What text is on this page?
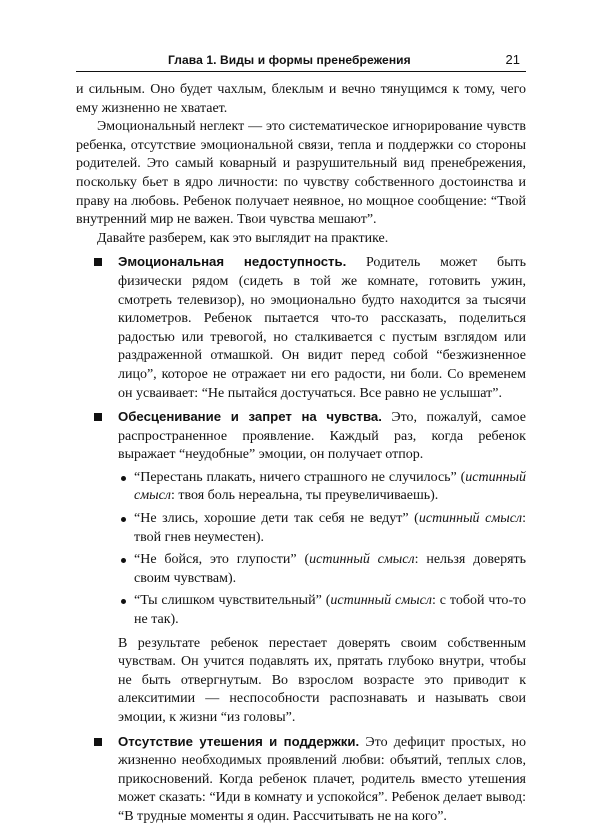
Глава 1. Виды и формы пренебрежения	21

и сильным. Оно будет чахлым, блеклым и вечно тянущимся к тому, чего ему жизненно не хватает.

Эмоциональный неглект — это систематическое игнорирование чувств ребенка, отсутствие эмоциональной связи, тепла и поддержки со стороны родителей. Это самый коварный и разрушительный вид пренебрежения, поскольку бьет в ядро личности: по чувству собственного достоинства и праву на любовь. Ребенок получает неявное, но мощное сообщение: “Твой внутренний мир не важен. Твои чувства мешают”.

Давайте разберем, как это выглядит на практике.

Эмоциональная недоступность. Родитель может быть физически рядом (сидеть в той же комнате, готовить ужин, смотреть телевизор), но эмоционально будто находится за тысячи километров. Ребенок пытается что-то рассказать, поделиться радостью или тревогой, но сталкивается с пустым взглядом или раздраженной отмашкой. Он видит перед собой “безжизненное лицо”, которое не отражает ни его радости, ни боли. Со временем он усваивает: “Не пытайся достучаться. Все равно не услышат”.

Обесценивание и запрет на чувства. Это, пожалуй, самое распространенное проявление. Каждый раз, когда ребенок выражает “неудобные” эмоции, он получает отпор.

“Перестань плакать, ничего страшного не случилось” (истинный смысл: твоя боль нереальна, ты преувеличиваешь).
“Не злись, хорошие дети так себя не ведут” (истинный смысл: твой гнев неуместен).
“Не бойся, это глупости” (истинный смысл: нельзя доверять своим чувствам).
“Ты слишком чувствительный” (истинный смысл: с тобой что-то не так).

В результате ребенок перестает доверять своим собственным чувствам. Он учится подавлять их, прятать глубоко внутри, чтобы не быть отвергнутым. Во взрослом возрасте это приводит к алекситимии — неспособности распознавать и называть свои эмоции, к жизни “из головы”.

Отсутствие утешения и поддержки. Это дефицит простых, но жизненно необходимых проявлений любви: объятий, теплых слов, прикосновений. Когда ребенок плачет, родитель вместо утешения может сказать: “Иди в комнату и успокойся”. Ребенок делает вывод: “В трудные моменты я один. Рассчитывать не на кого”.
